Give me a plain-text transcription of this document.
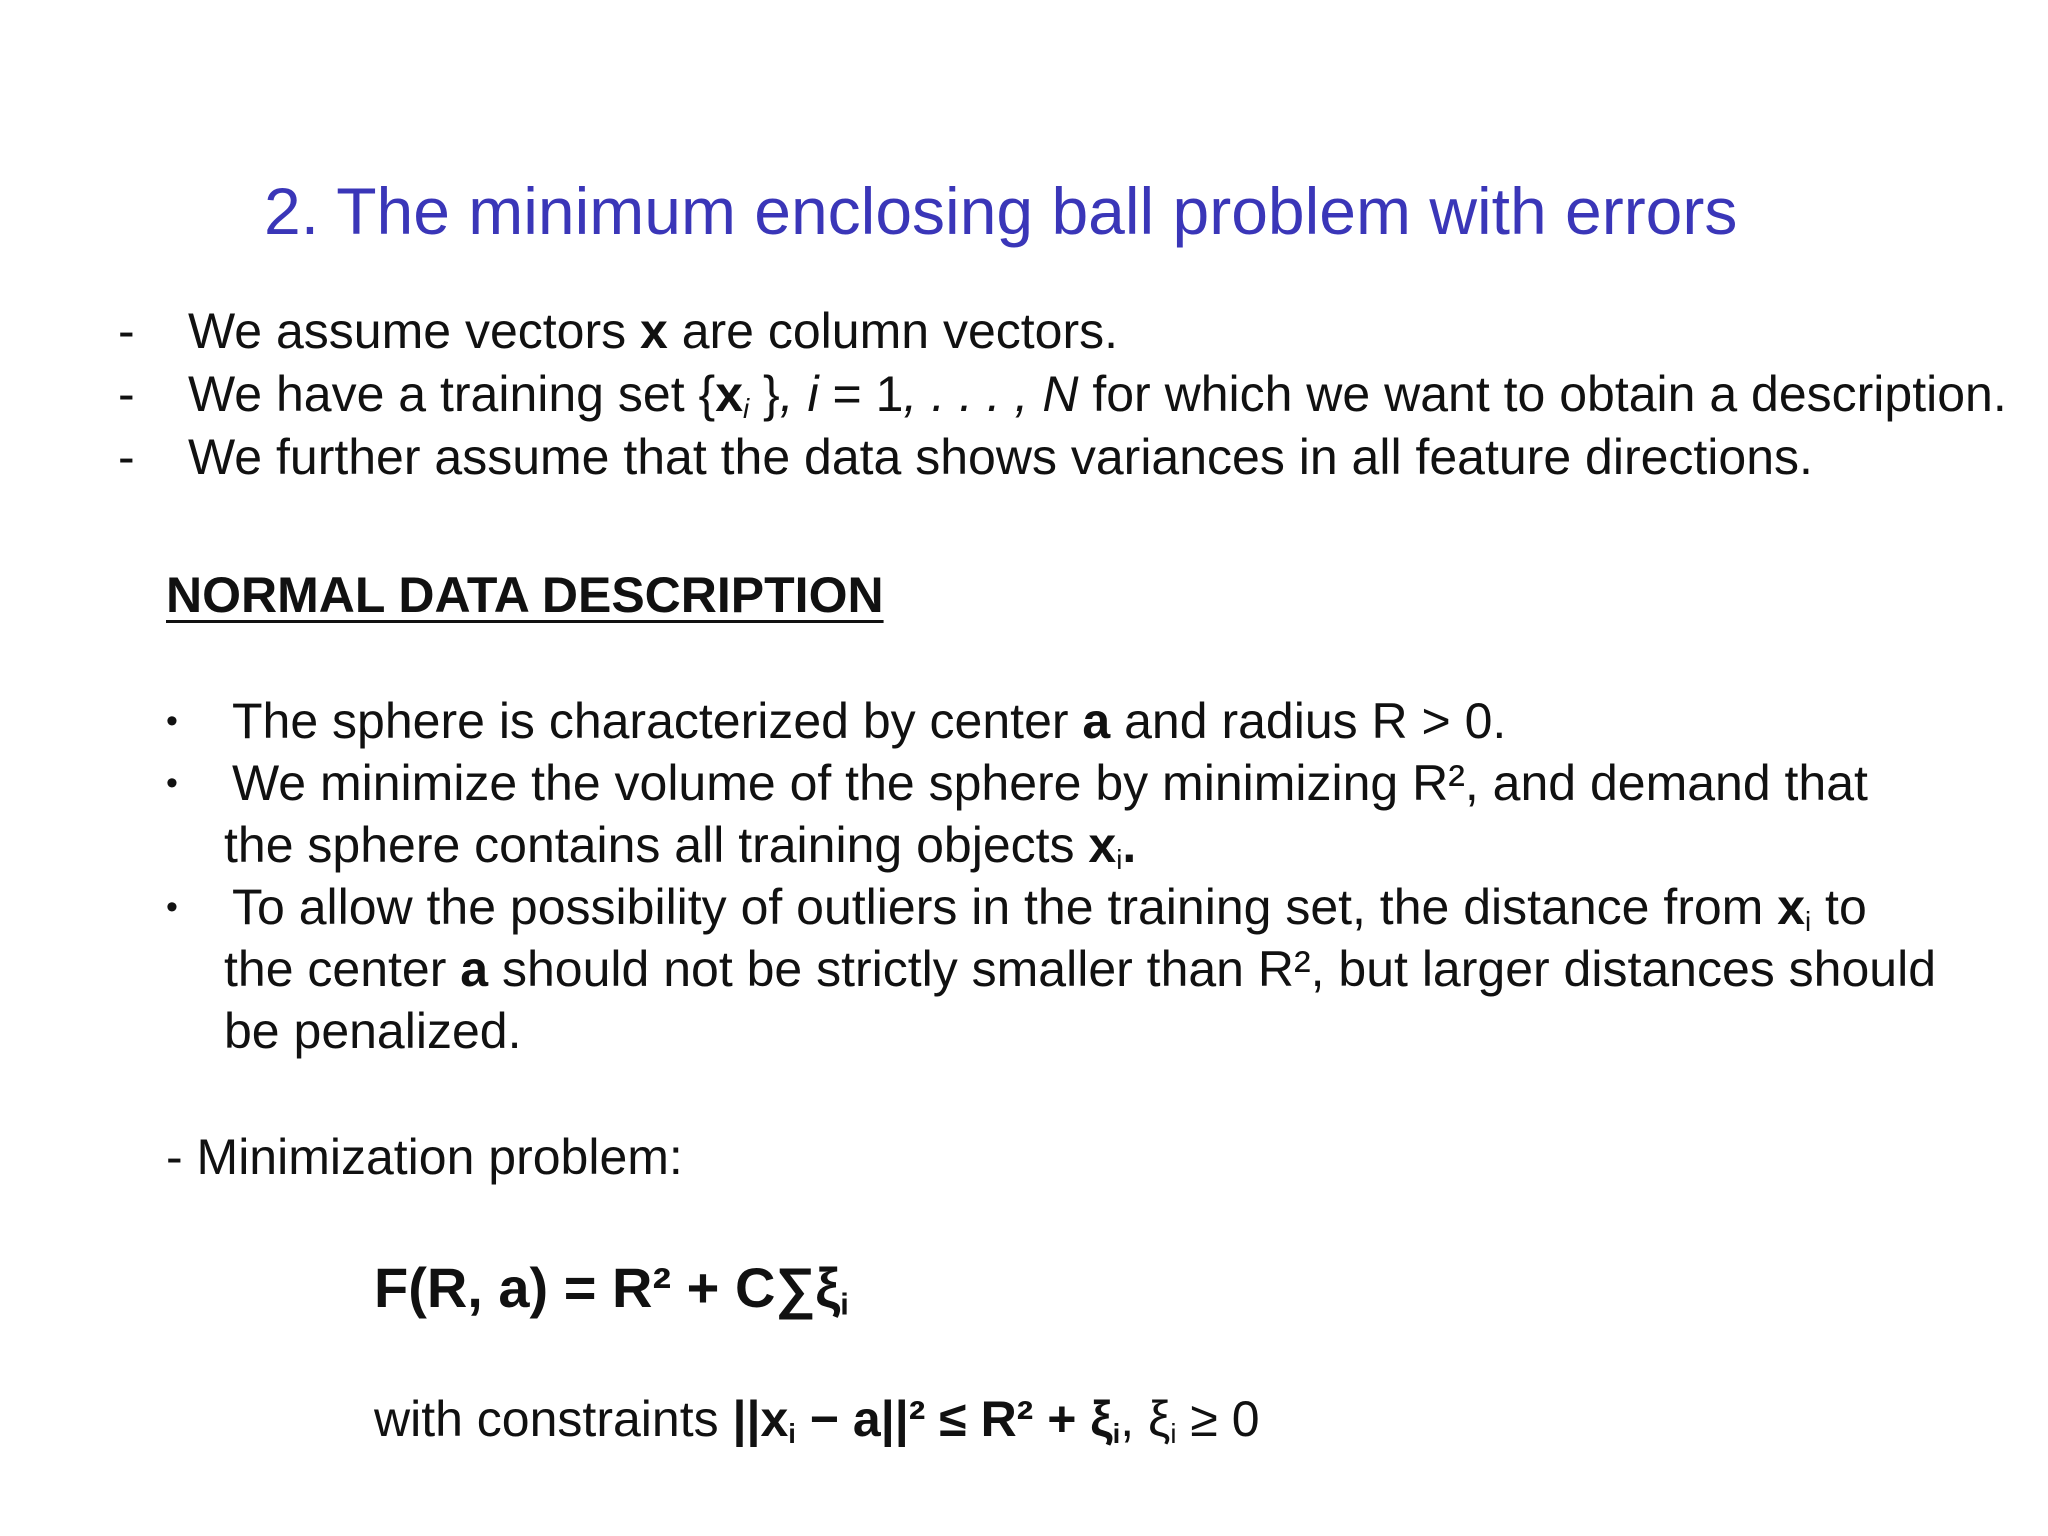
2. The minimum enclosing ball problem with errors
- We assume vectors x are column vectors.
- We have a training set {$x_i$ }, i = 1, . . . , N for which we want to obtain a description.
- We further assume that the data shows variances in all feature directions.
NORMAL DATA DESCRIPTION
• The sphere is characterized by center a and radius R > 0.
• We minimize the volume of the sphere by minimizing R², and demand that
the sphere contains all training objects $x_i$.
• To allow the possibility of outliers in the training set, the distance from $x_i$ to
the center a should not be strictly smaller than R², but larger distances should
be penalized.
- Minimization problem:
F(R, $a) = R^2 + C\sum\xi_i$
with constraints $||x_i - a||^2 \le R^2 + \xi_i$, $\xi_i \ge 0$
